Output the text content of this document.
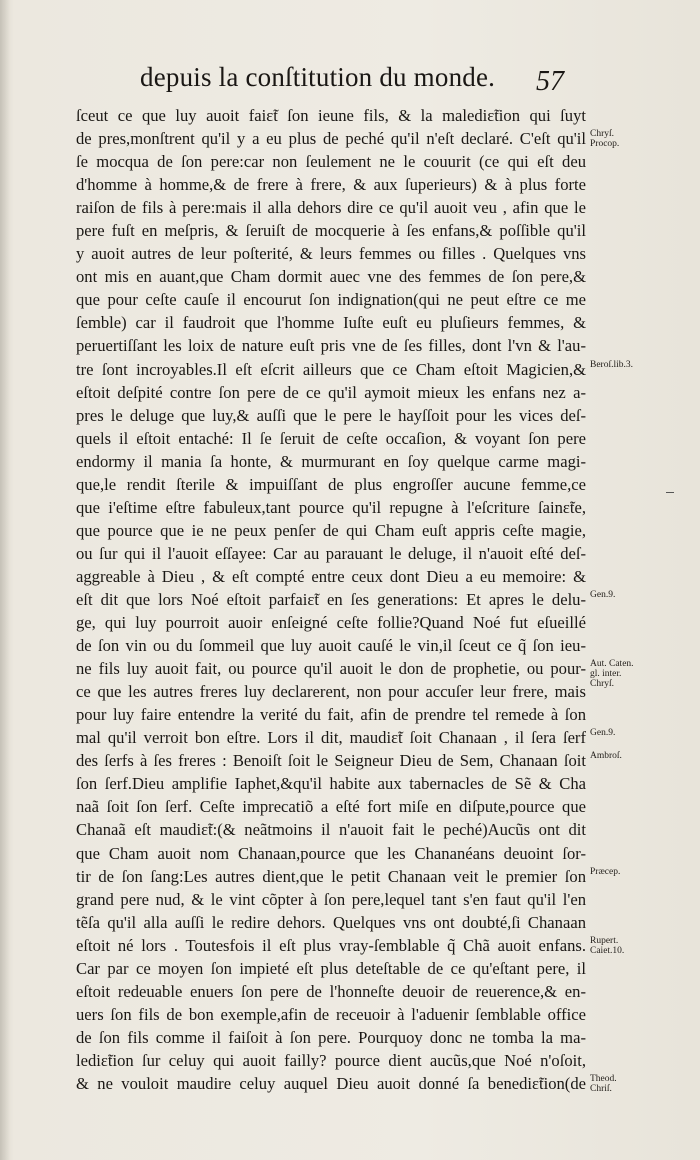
depuis la conſtitution du monde.	57
ſceut ce que luy auoit faiɛ̃t ſon ieune fils, & la malediɛ̃tion qui ſuyt
de pres,monſtrent qu'il y a eu plus de peché qu'il n'eſt declaré. C'eſt qu'il
ſe mocqua de ſon pere:car non ſeulement ne le couurit (ce qui eſt deu
d'homme à homme,& de frere à frere, & aux ſuperieurs) & à plus forte
raiſon de fils à pere:mais il alla dehors dire ce qu'il auoit veu , afin que le
pere fuſt en meſpris, & ſeruiſt de mocquerie à ſes enfans,& poſſible qu'il
y auoit autres de leur poſterité, & leurs femmes ou filles . Quelques vns
ont mis en auant,que Cham dormit auec vne des femmes de ſon pere,&
que pour ceſte cauſe il encourut ſon indignation(qui ne peut eſtre ce me
ſemble) car il faudroit que l'homme Iuſte euſt eu pluſieurs femmes, &
peruertiſſant les loix de nature euſt pris vne de ſes filles, dont l'vn & l'au-
tre ſont incroyables.Il eſt eſcrit ailleurs que ce Cham eſtoit Magicien,&
eſtoit deſpité contre ſon pere de ce qu'il aymoit mieux les enfans nez a-
pres le deluge que luy,& auſſi que le pere le hayſſoit pour les vices deſ-
quels il eſtoit entaché: Il ſe ſeruit de ceſte occaſion, & voyant ſon pere
endormy il mania ſa honte, & murmurant en ſoy quelque carme magi-
que,le rendit ſterile & impuiſſant de plus engroſſer aucune femme,ce
que i'eſtime eſtre fabuleux,tant pource qu'il repugne à l'eſcriture ſainɛ̃te,
que pource que ie ne peux penſer de qui Cham euſt appris ceſte magie,
ou ſur qui il l'auoit eſſayee: Car au parauant le deluge, il n'auoit eſté deſ-
aggreable à Dieu , & eſt compté entre ceux dont Dieu a eu memoire: &
eſt dit que lors Noé eſtoit parfaiɛ̃t en ſes generations: Et apres le delu-
ge, qui luy pourroit auoir enſeigné ceſte follie?Quand Noé fut eſueillé
de ſon vin ou du ſommeil que luy auoit cauſé le vin,il ſceut ce q̃ ſon ieu-
ne fils luy auoit fait, ou pource qu'il auoit le don de prophetie, ou pour-
ce que les autres freres luy declarerent, non pour accuſer leur frere, mais
pour luy faire entendre la verité du fait, afin de prendre tel remede à ſon
mal qu'il verroit bon eſtre. Lors il dit, maudiɛ̃t ſoit Chanaan , il ſera ſerf
des ſerfs à ſes freres : Benoiſt ſoit le Seigneur Dieu de Sem, Chanaan ſoit
ſon ſerf.Dieu amplifie Iaphet,&qu'il habite aux tabernacles de Sẽ & Cha
naã ſoit ſon ſerf. Ceſte imprecatiõ a eſté fort miſe en diſpute,pource que
Chanaã eſt maudiɛ̃t:(& neãtmoins il n'auoit fait le peché)Aucũs ont dit
que Cham auoit nom Chanaan,pource que les Chananéans deuoint ſor-
tir de ſon ſang:Les autres dient,que le petit Chanaan veit le premier ſon
grand pere nud, & le vint cõpter à ſon pere,lequel tant s'en faut qu'il l'en
tẽſa qu'il alla auſſi le redire dehors. Quelques vns ont doubté,ſi Chanaan
eſtoit né lors . Toutesfois il eſt plus vray-ſemblable q̃ Chã auoit enfans.
Car par ce moyen ſon impieté eſt plus deteſtable de ce qu'eſtant pere, il
eſtoit redeuable enuers ſon pere de l'honneſte deuoir de reuerence,& en-
uers ſon fils de bon exemple,afin de receuoir à l'aduenir ſemblable office
de ſon fils comme il faiſoit à ſon pere. Pourquoy donc ne tomba la ma-
lediɛ̃tion ſur celuy qui auoit failly? pource dient aucũs,que Noé n'oſoit,
& ne vouloit maudire celuy auquel Dieu auoit donné ſa benediɛ̃tion(de
Chryſ.
Procop.
Beroſ.lib.3.
Gen.9.
Aut. Caten.
gl. inter.
Chryſ.
Gen.9.
Ambroſ.
Præcep.
Rupert.
Caiet.10.
Theod.
Chriſ.
